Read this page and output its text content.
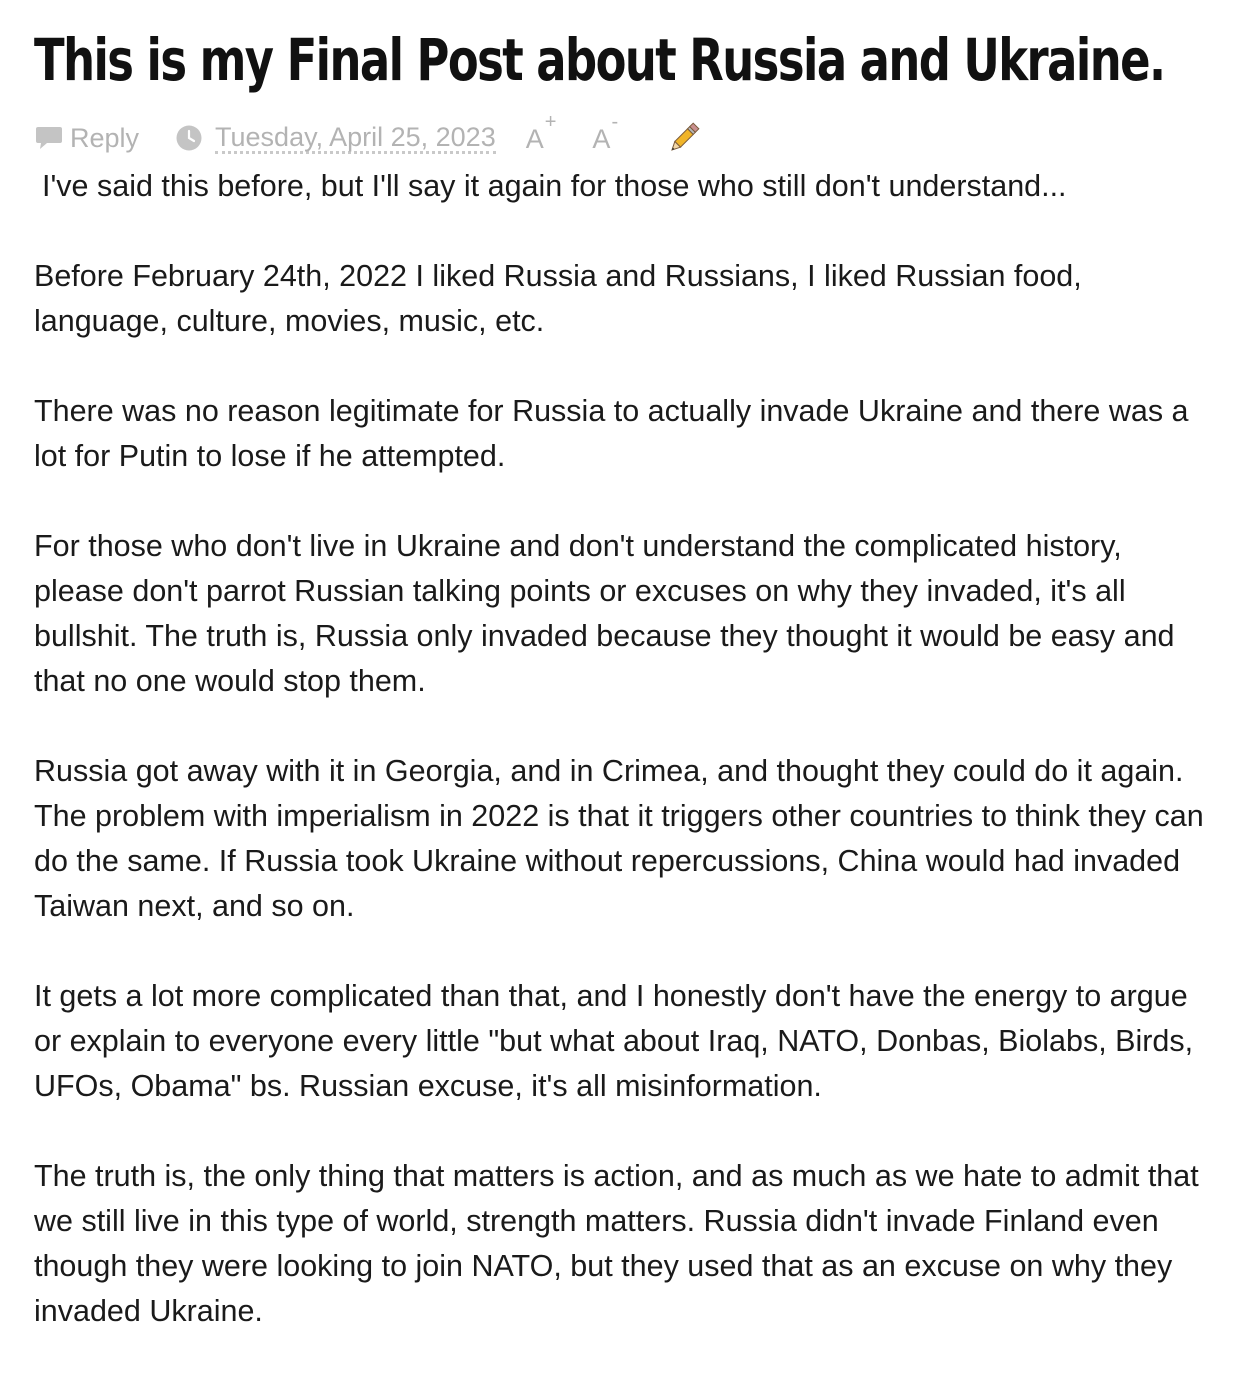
This is my Final Post about Russia and Ukraine.
Reply	Tuesday, April 25, 2023 A+
A-

I've said this before, but I'll say it again for those who still don't understand...

Before February 24th, 2022 I liked Russia and Russians, I liked Russian food, language, culture, movies, music, etc.

There was no reason legitimate for Russia to actually invade Ukraine and there was a lot for Putin to lose if he attempted.

For those who don't live in Ukraine and don't understand the complicated history, please don't parrot Russian talking points or excuses on why they invaded, it's all bullshit. The truth is, Russia only invaded because they thought it would be easy and that no one would stop them.

Russia got away with it in Georgia, and in Crimea, and thought they could do it again. The problem with imperialism in 2022 is that it triggers other countries to think they can do the same. If Russia took Ukraine without repercussions, China would had invaded Taiwan next, and so on.

It gets a lot more complicated than that, and I honestly don't have the energy to argue or explain to everyone every little "but what about Iraq, NATO, Donbas, Biolabs, Birds, UFOs, Obama" bs. Russian excuse, it's all misinformation.

The truth is, the only thing that matters is action, and as much as we hate to admit that we still live in this type of world, strength matters. Russia didn't invade Finland even though they were looking to join NATO, but they used that as an excuse on why they invaded Ukraine.
